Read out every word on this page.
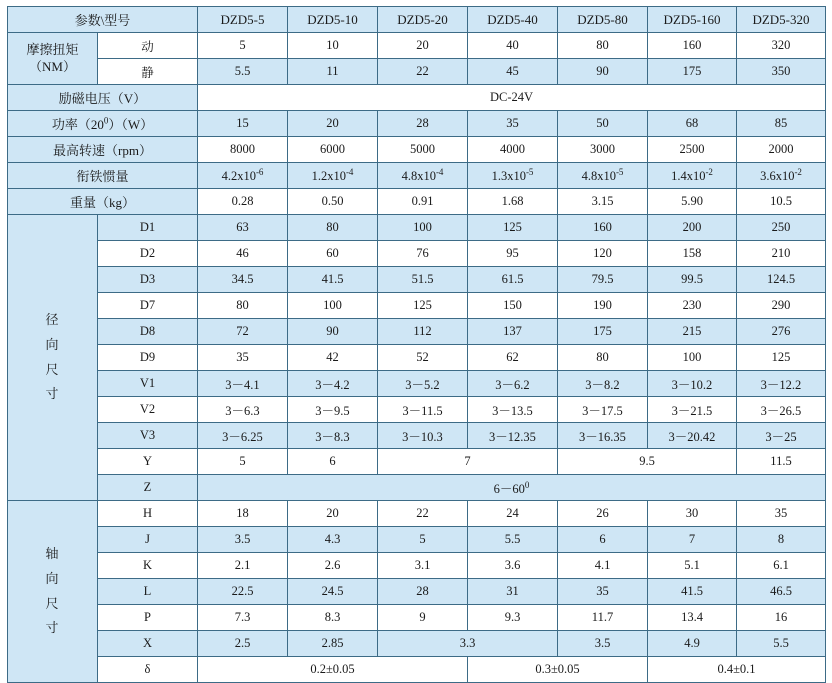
参数\型号		DZD5-5	DZD5-10	DZD5-20	DZD5-40	DZD5-80	DZD5-160	DZD5-320
摩擦扭矩
（NM）	动	5	10	20	40	80	160	320
	静	5.5	11	22	45	90	175	350
励磁电压（V）		DC-24V						
功率$(20^0)(W)$		15	20	28	35	50	68	85
最高转速（rpm）		8000	6000	5000	4000	3000	2500	2000
衔铁惯量		$4.2x10^{-6}$	$1.2x10^{-4}$	$4.8x10^{-4}$	$1.3x10^{-5}$	$4.8x10^{-5}$	$1.4x10^{-2}$	$3.6x10^{-2}$
重量（kg）		0.28	0.50	0.91	1.68	3.15	5.90	10.5
径
向
尺
寸	D1	63	80	100	125	160	200	250
	D2	46	60	76	95	120	158	210
	D3	34.5	41.5	51.5	61.5	79.5	99.5	124.5
	D7	80	100	125	150	190	230	290
	D8	72	90	112	137	175	215	276
	D9	35	42	52	62	80	100	125
	V1	3－4.1	3－4.2	3－5.2	3－6.2	3－8.2	3－10.2	3－12.2
	V2	3－6.3	3－9.5	3－11.5	3－13.5	3－17.5	3－21.5	3－26.5
	V3	3－6.25	3－8.3	3－10.3	3－12.35	3－16.35	3－20.42	3－25
	Y	5	6	7		9.5		11.5
	Z	$6-60^0$
轴
向
尺
寸	H	18	20	22	24	26	30	35
	J	3.5	4.3	5	5.5	6	7	8
	K	2.1	2.6	3.1	3.6	4.1	5.1	6.1
	L	22.5	24.5	28	31	35	41.5	46.5
	P	7.3	8.3	9	9.3	11.7	13.4	16
	X	2.5	2.85	3.3		3.5	4.9	5.5
	δ	0.2±0.05			0.3±0.05		0.4±0.1	
